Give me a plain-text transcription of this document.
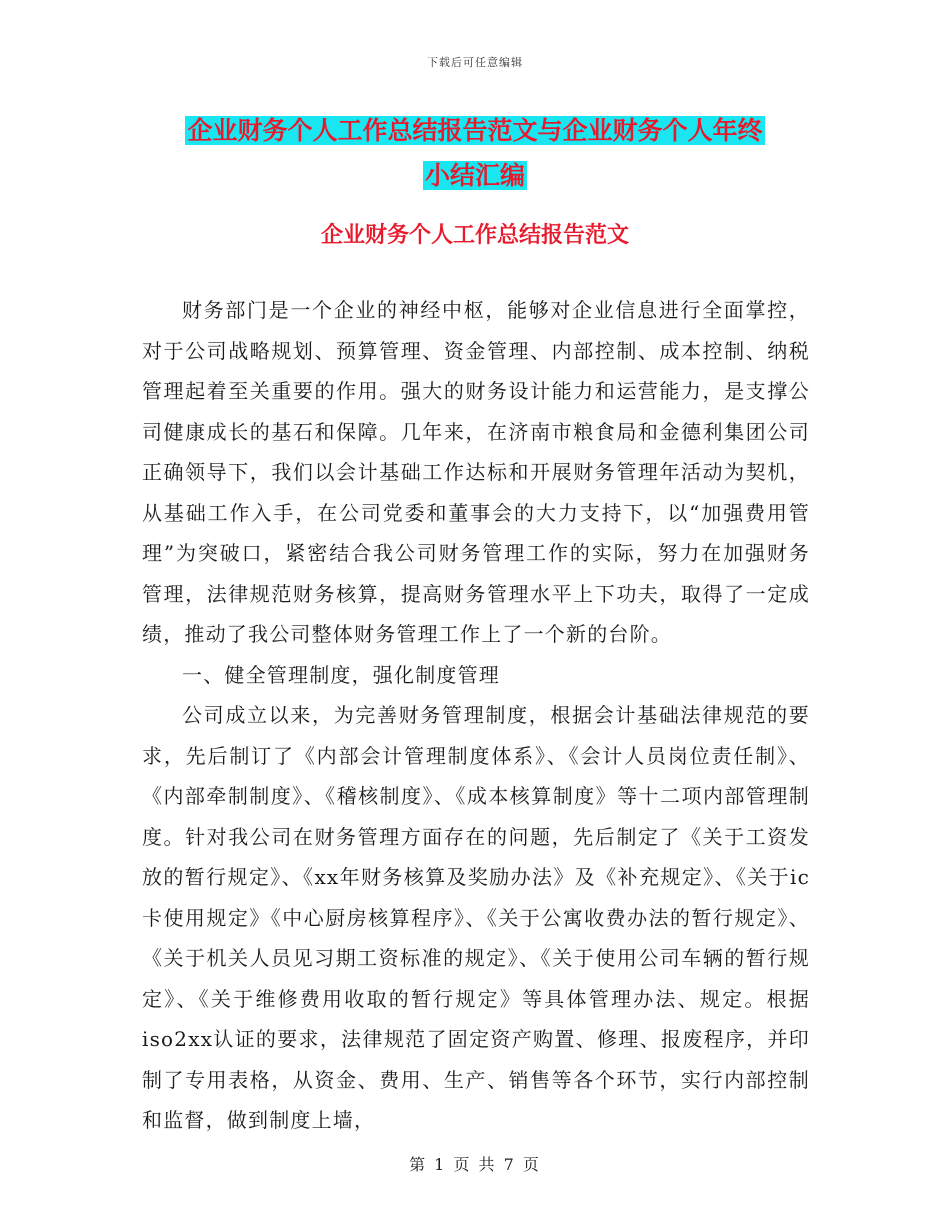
下载后可任意编辑
企业财务个人工作总结报告范文与企业财务个人年终
小结汇编
企业财务个人工作总结报告范文

财务部门是一个企业的神经中枢，能够对企业信息进行全面掌控，对于公司战略规划、预算管理、资金管理、内部控制、成本控制、纳税管理起着至关重要的作用。强大的财务设计能力和运营能力，是支撑公司健康成长的基石和保障。几年来，在济南市粮食局和金德利集团公司正确领导下，我们以会计基础工作达标和开展财务管理年活动为契机，从基础工作入手，在公司党委和董事会的大力支持下，以“加强费用管理”为突破口，紧密结合我公司财务管理工作的实际，努力在加强财务管理，法律规范财务核算，提高财务管理水平上下功夫，取得了一定成绩，推动了我公司整体财务管理工作上了一个新的台阶。

一、健全管理制度，强化制度管理

公司成立以来，为完善财务管理制度，根据会计基础法律规范的要求，先后制订了《内部会计管理制度体系》、《会计人员岗位责任制》、《内部牵制制度》、《稽核制度》、《成本核算制度》等十二项内部管理制度。针对我公司在财务管理方面存在的问题，先后制定了《关于工资发放的暂行规定》、《xx年财务核算及奖励办法》及《补充规定》、《关于ic卡使用规定》《中心厨房核算程序》、《关于公寓收费办法的暂行规定》、《关于机关人员见习期工资标准的规定》、《关于使用公司车辆的暂行规定》、《关于维修费用收取的暂行规定》等具体管理办法、规定。根据iso2xx认证的要求，法律规范了固定资产购置、修理、报废程序，并印制了专用表格，从资金、费用、生产、销售等各个环节，实行内部控制和监督，做到制度上墙，

第 1 页 共 7 页
